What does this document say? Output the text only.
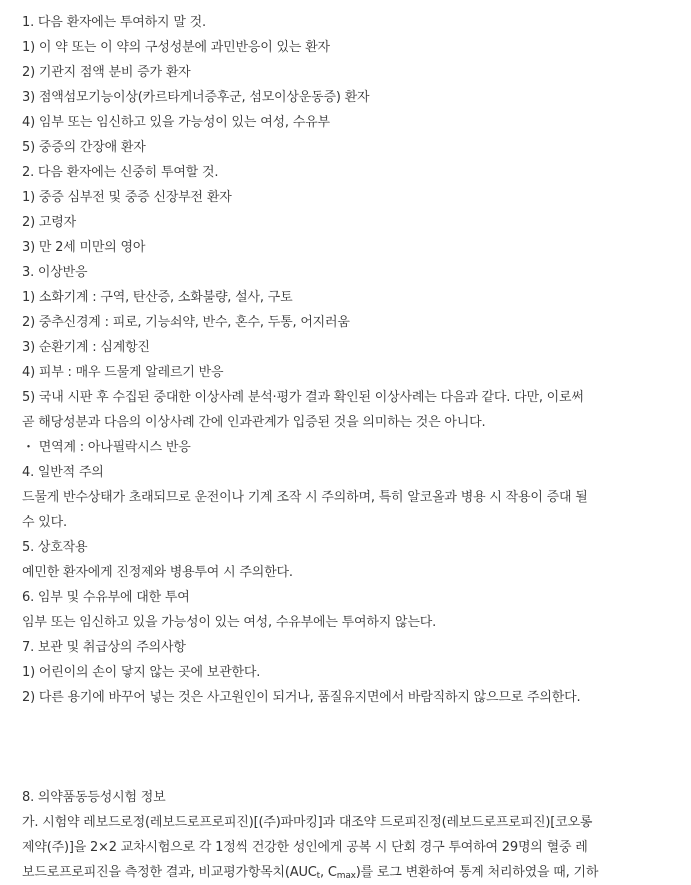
1. 다음 환자에는 투여하지 말 것.
1) 이 약 또는 이 약의 구성성분에 과민반응이 있는 환자
2) 기관지 점액 분비 증가 환자
3) 점액섬모기능이상(카르타게너증후군, 섬모이상운동증) 환자
4) 임부 또는 임신하고 있을 가능성이 있는 여성, 수유부
5) 중증의 간장애 환자
2. 다음 환자에는 신중히 투여할 것.
1) 중증 심부전 및 중증 신장부전 환자
2) 고령자
3) 만 2세 미만의 영아
3. 이상반응
1) 소화기계 : 구역, 탄산증, 소화불량, 설사, 구토
2) 중추신경계 : 피로, 기능쇠약, 반수, 혼수, 두통, 어지러움
3) 순환기계 : 심계항진
4) 피부 : 매우 드물게 알레르기 반응
5) 국내 시판 후 수집된 중대한 이상사례 분석·평가 결과 확인된 이상사례는 다음과 같다. 다만, 이로써
곧 해당성분과 다음의 이상사례 간에 인과관계가 입증된 것을 의미하는 것은 아니다.
・ 면역계 : 아나필락시스 반응
4. 일반적 주의
드물게 반수상태가 초래되므로 운전이나 기계 조작 시 주의하며, 특히 알코올과 병용 시 작용이 증대 될
수 있다.
5. 상호작용
예민한 환자에게 진정제와 병용투여 시 주의한다.
6. 임부 및 수유부에 대한 투여
임부 또는 임신하고 있을 가능성이 있는 여성, 수유부에는 투여하지 않는다.
7. 보관 및 취급상의 주의사항
1) 어린이의 손이 닿지 않는 곳에 보관한다.
2) 다른 용기에 바꾸어 넣는 것은 사고원인이 되거나, 품질유지면에서 바람직하지 않으므로 주의한다.
8. 의약품동등성시험 정보
가. 시험약 레보드로정(레보드로프로피진)[(주)파마킹]과 대조약 드로피진정(레보드로프로피진)[코오롱
제약(주)]을 2×2 교차시험으로 각 1정씩 건강한 성인에게 공복 시 단회 경구 투여하여 29명의 혈중 레
보드로프로피진을 측정한 결과, 비교평가항목치($AUC_t$, $C_{max}$)를 로그 변환하여 통계 처리하였을 때, 기하
